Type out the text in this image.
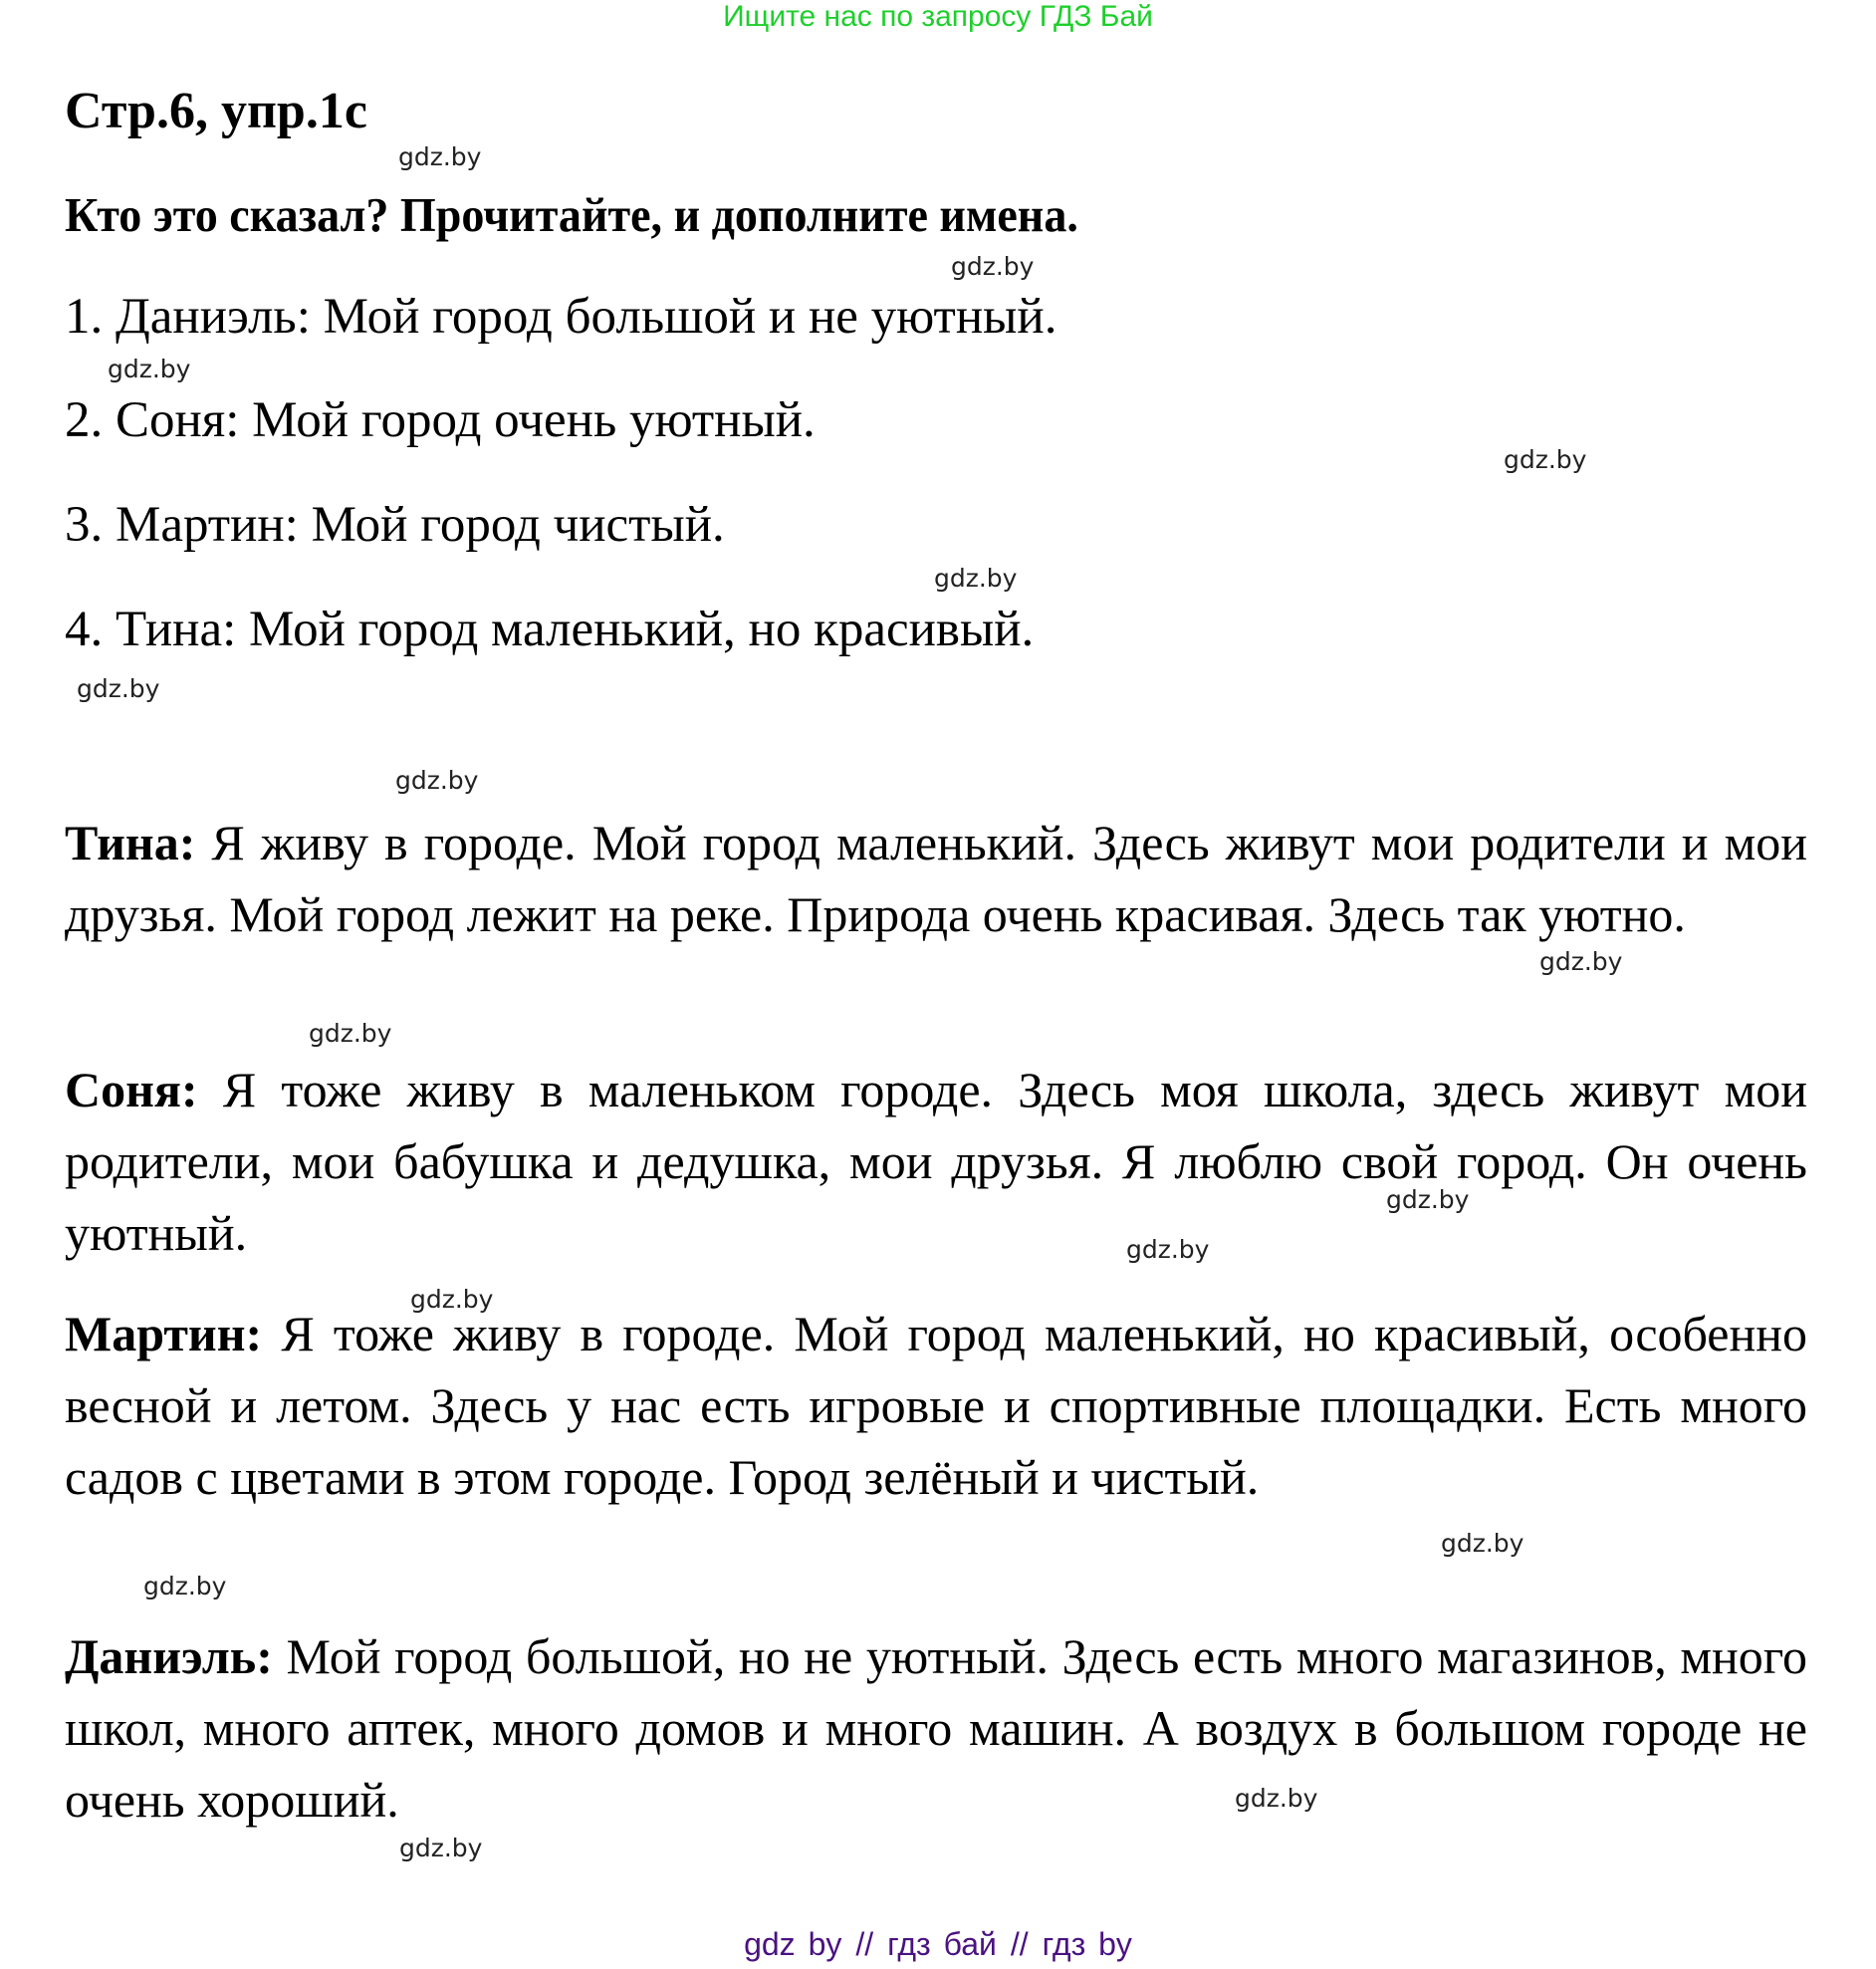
Ищите нас по запросу ГДЗ Бай
Стр.6, упр.1с
Кто это сказал? Прочитайте, и дополните имена.
1. Даниэль: Мой город большой и не уютный.
2. Соня: Мой город очень уютный.
3. Мартин: Мой город чистый.
4. Тина: Мой город маленький, но красивый.
Тина: Я живу в городе. Мой город маленький. Здесь живут мои родители и мои друзья. Мой город лежит на реке. Природа очень красивая. Здесь так уютно.
Соня: Я тоже живу в маленьком городе. Здесь моя школа, здесь живут мои родители, мои бабушка и дедушка, мои друзья. Я люблю свой город. Он очень уютный.
Мартин: Я тоже живу в городе. Мой город маленький, но красивый, особенно весной и летом. Здесь у нас есть игровые и спортивные площадки. Есть много садов с цветами в этом городе. Город зелёный и чистый.
Даниэль: Мой город большой, но не уютный. Здесь есть много магазинов, много школ, много аптек, много домов и много машин. А воздух в большом городе не очень хороший.
gdz.by
gdz.by
gdz.by
gdz.by
gdz.by
gdz.by
gdz.by
gdz.by
gdz.by
gdz.by
gdz.by
gdz.by
gdz.by
gdz.by
gdz.by
gdz.by
gdz by // гдз бай // гдз by
